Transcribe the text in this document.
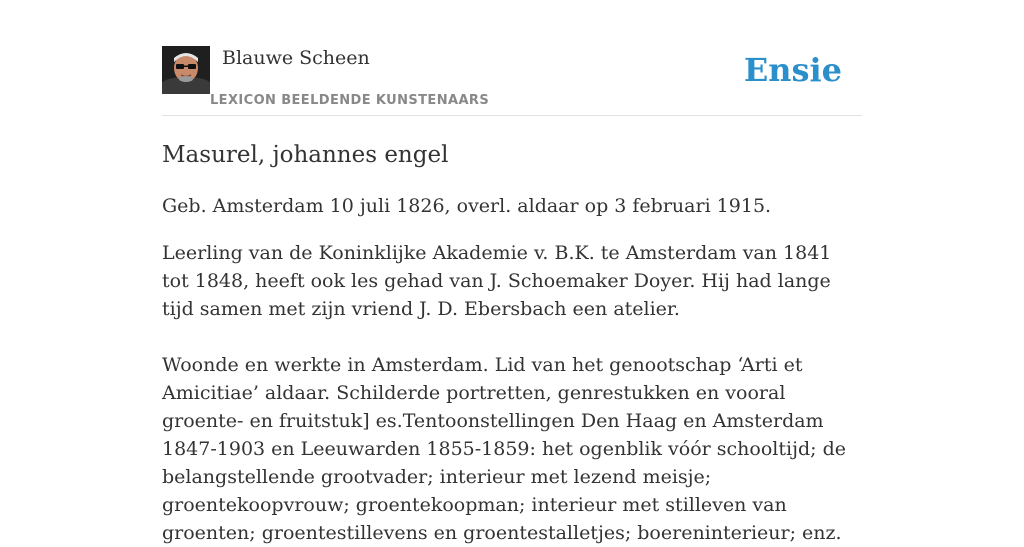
Blauwe Scheen
LEXICON BEELDENDE KUNSTENAARS
Ensie
Masurel, johannes engel

Geb. Amsterdam 10 juli 1826, overl. aldaar op 3 februari 1915.

Leerling van de Koninklijke Akademie v. B.K. te Amsterdam van 1841 tot 1848, heeft ook les gehad van J. Schoemaker Doyer. Hij had lange tijd samen met zijn vriend J. D. Ebersbach een atelier.

Woonde en werkte in Amsterdam. Lid van het genootschap ‘Arti et Amicitiae’ aldaar. Schilderde portretten, genrestukken en vooral groente- en fruitstuk] es.Tentoonstellingen Den Haag en Amsterdam 1847-1903 en Leeuwarden 1855-1859: het ogenblik vóór schooltijd; de belangstellende grootvader; interieur met lezend meisje; groentekoopvrouw; groentekoopman; interieur met stilleven van groenten; groentestillevens en groentestalletjes; boereninterieur; enz.
